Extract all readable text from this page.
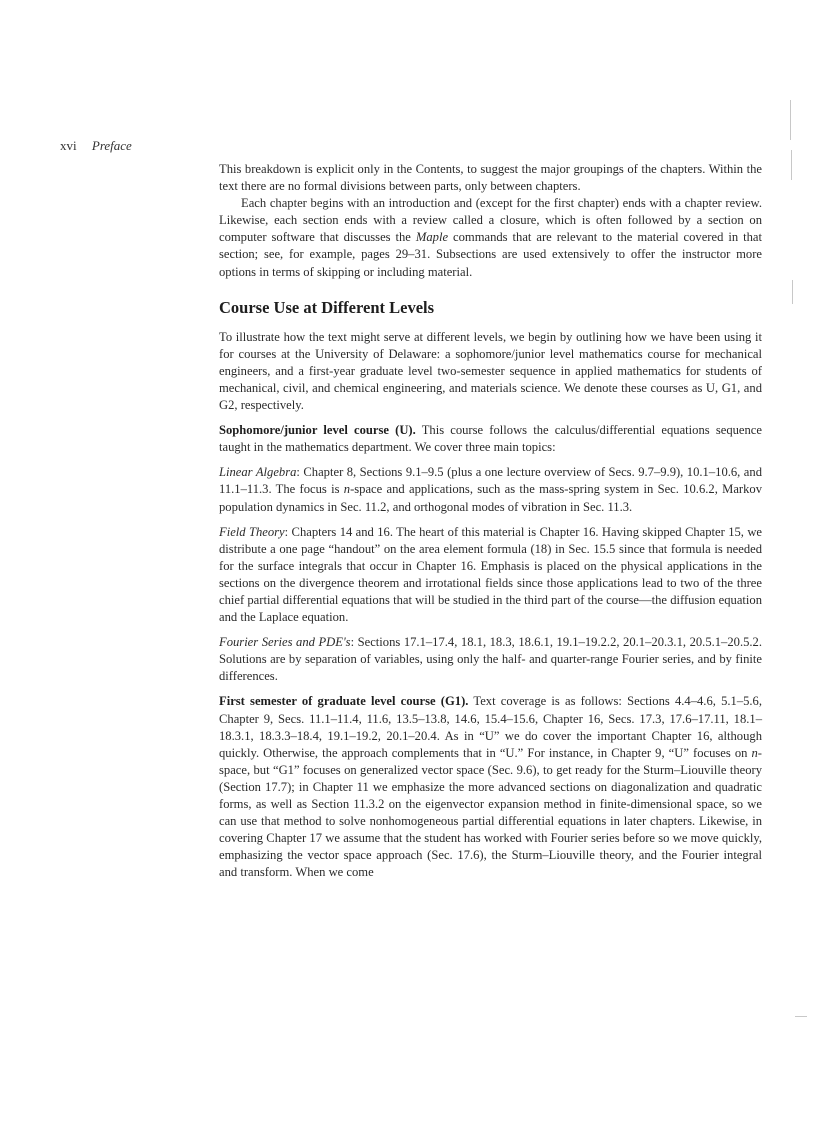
xvi Preface

This breakdown is explicit only in the Contents, to suggest the major groupings of the chapters. Within the text there are no formal divisions between parts, only between chapters.

Each chapter begins with an introduction and (except for the first chapter) ends with a chapter review. Likewise, each section ends with a review called a closure, which is often followed by a section on computer software that discusses the Maple commands that are relevant to the material covered in that section; see, for example, pages 29–31. Subsections are used extensively to offer the instructor more options in terms of skipping or including material.

Course Use at Different Levels

To illustrate how the text might serve at different levels, we begin by outlining how we have been using it for courses at the University of Delaware: a sophomore/junior level mathematics course for mechanical engineers, and a first-year graduate level two-semester sequence in applied mathematics for students of mechanical, civil, and chemical engineering, and materials science. We denote these courses as U, G1, and G2, respectively.

Sophomore/junior level course (U). This course follows the calculus/differential equations sequence taught in the mathematics department. We cover three main topics:

Linear Algebra: Chapter 8, Sections 9.1–9.5 (plus a one lecture overview of Secs. 9.7–9.9), 10.1–10.6, and 11.1–11.3. The focus is n-space and applications, such as the mass-spring system in Sec. 10.6.2, Markov population dynamics in Sec. 11.2, and orthogonal modes of vibration in Sec. 11.3.

Field Theory: Chapters 14 and 16. The heart of this material is Chapter 16. Having skipped Chapter 15, we distribute a one page “handout” on the area element formula (18) in Sec. 15.5 since that formula is needed for the surface integrals that occur in Chapter 16. Emphasis is placed on the physical applications in the sections on the divergence theorem and irrotational fields since those applications lead to two of the three chief partial differential equations that will be studied in the third part of the course—the diffusion equation and the Laplace equation.

Fourier Series and PDE's: Sections 17.1–17.4, 18.1, 18.3, 18.6.1, 19.1–19.2.2, 20.1–20.3.1, 20.5.1–20.5.2. Solutions are by separation of variables, using only the half- and quarter-range Fourier series, and by finite differences.

First semester of graduate level course (G1). Text coverage is as follows: Sections 4.4–4.6, 5.1–5.6, Chapter 9, Secs. 11.1–11.4, 11.6, 13.5–13.8, 14.6, 15.4–15.6, Chapter 16, Secs. 17.3, 17.6–17.11, 18.1–18.3.1, 18.3.3–18.4, 19.1–19.2, 20.1–20.4. As in “U” we do cover the important Chapter 16, although quickly. Otherwise, the approach complements that in “U.” For instance, in Chapter 9, “U” focuses on n-space, but “G1” focuses on generalized vector space (Sec. 9.6), to get ready for the Sturm–Liouville theory (Section 17.7); in Chapter 11 we emphasize the more advanced sections on diagonalization and quadratic forms, as well as Section 11.3.2 on the eigenvector expansion method in finite-dimensional space, so we can use that method to solve nonhomogeneous partial differential equations in later chapters. Likewise, in covering Chapter 17 we assume that the student has worked with Fourier series before so we move quickly, emphasizing the vector space approach (Sec. 17.6), the Sturm–Liouville theory, and the Fourier integral and transform. When we come
